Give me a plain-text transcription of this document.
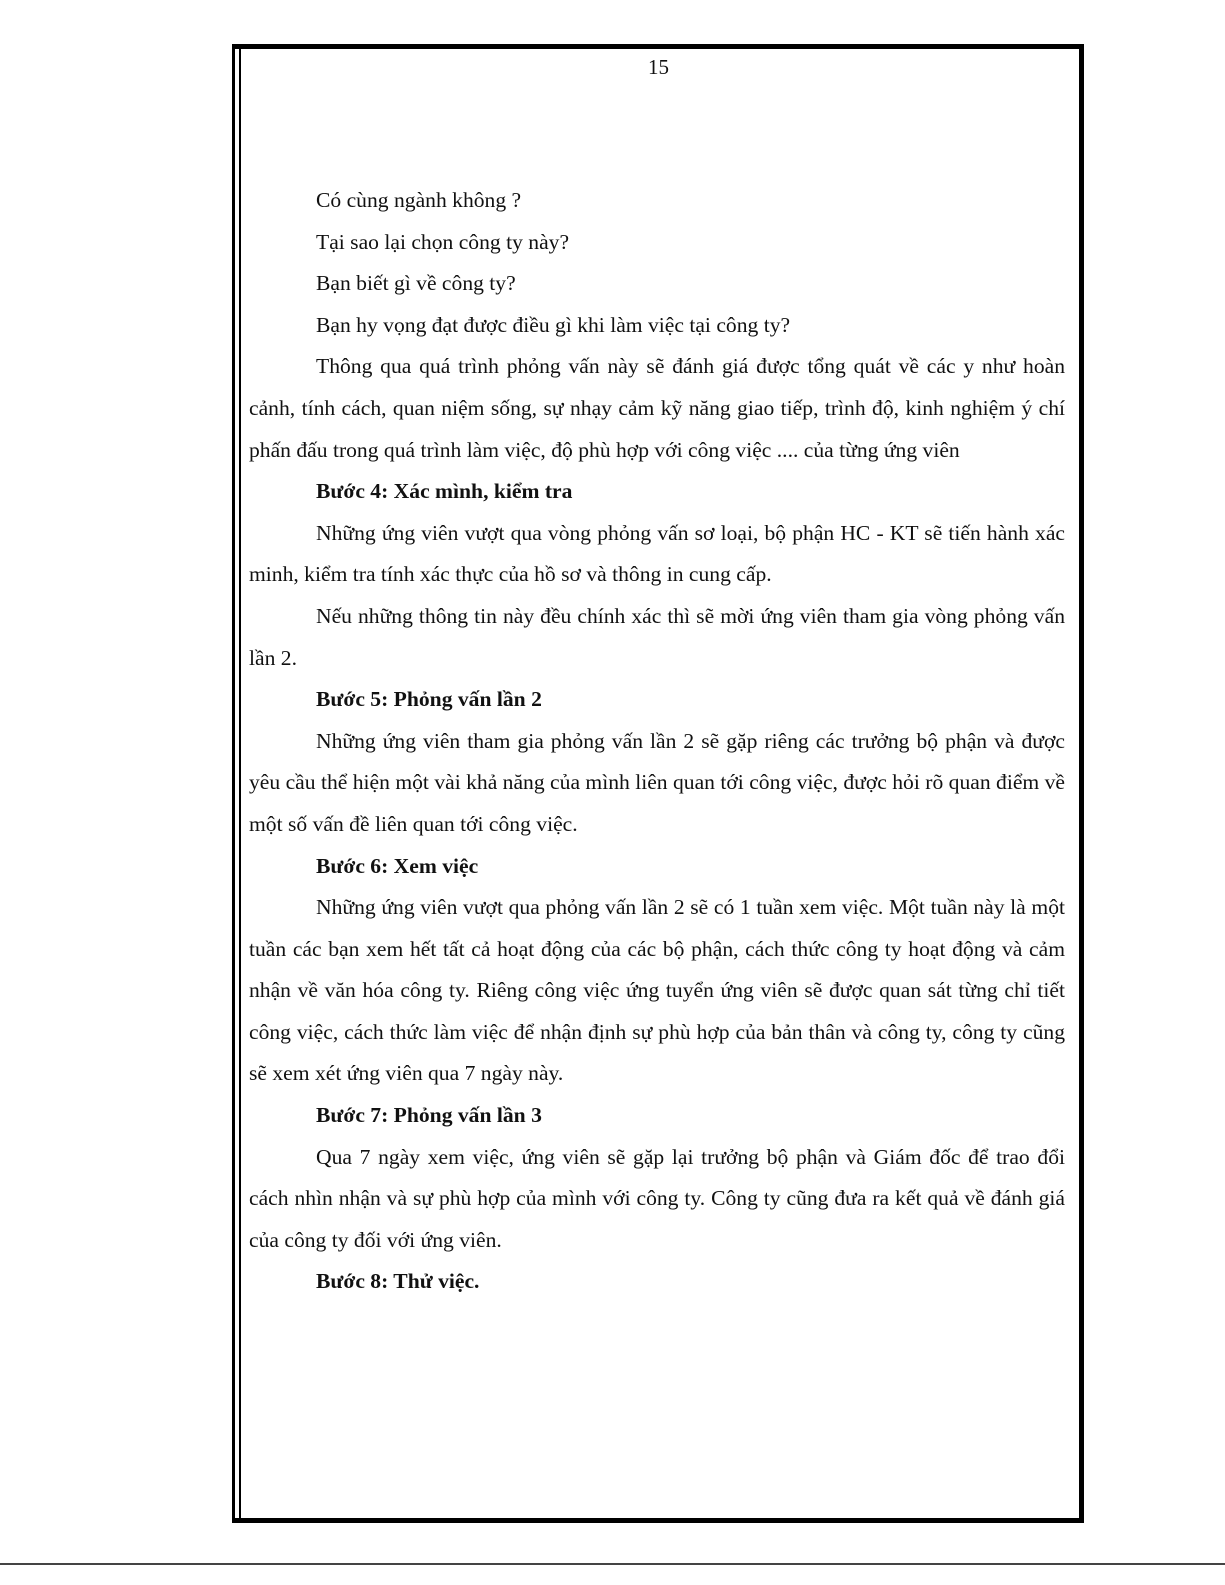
15

Có cùng ngành không ?

Tại sao lại chọn công ty này?

Bạn biết gì về công ty?

Bạn hy vọng đạt được điều gì khi làm việc tại công ty?

Thông qua quá trình phỏng vấn này sẽ đánh giá được tổng quát về các y như hoàn cảnh, tính cách, quan niệm sống, sự nhạy cảm kỹ năng giao tiếp, trình độ, kinh nghiệm ý chí phấn đấu trong quá trình làm việc, độ phù hợp với công việc .... của từng ứng viên

Bước 4: Xác mình, kiểm tra

Những ứng viên vượt qua vòng phỏng vấn sơ loại, bộ phận HC - KT sẽ tiến hành xác minh, kiểm tra tính xác thực của hồ sơ và thông in cung cấp.

Nếu những thông tin này đều chính xác thì sẽ mời ứng viên tham gia vòng phỏng vấn lần 2.

Bước 5: Phỏng vấn lần 2

Những ứng viên tham gia phỏng vấn lần 2 sẽ gặp riêng các trưởng bộ phận và được yêu cầu thể hiện một vài khả năng của mình liên quan tới công việc, được hỏi rõ quan điểm về một số vấn đề liên quan tới công việc.

Bước 6: Xem việc

Những ứng viên vượt qua phỏng vấn lần 2 sẽ có 1 tuần xem việc. Một tuần này là một tuần các bạn xem hết tất cả hoạt động của các bộ phận, cách thức công ty hoạt động và cảm nhận về văn hóa công ty. Riêng công việc ứng tuyển ứng viên sẽ được quan sát từng chỉ tiết công việc, cách thức làm việc để nhận định sự phù hợp của bản thân và công ty, công ty cũng sẽ xem xét ứng viên qua 7 ngày này.

Bước 7: Phỏng vấn lần 3

Qua 7 ngày xem việc, ứng viên sẽ gặp lại trưởng bộ phận và Giám đốc để trao đổi cách nhìn nhận và sự phù hợp của mình với công ty. Công ty cũng đưa ra kết quả về đánh giá của công ty đối với ứng viên.

Bước 8: Thử việc.
